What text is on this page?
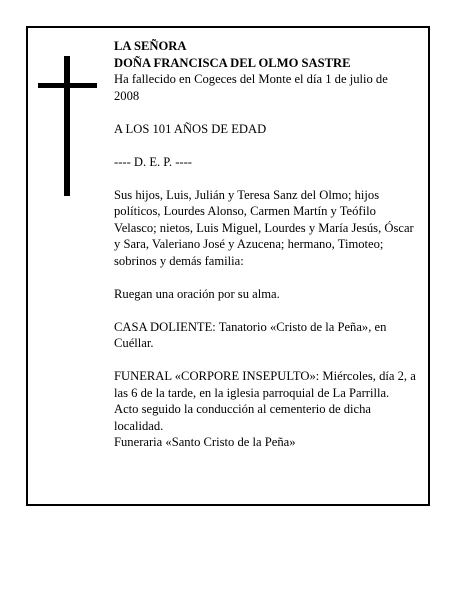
LA SEÑORA

DOÑA FRANCISCA DEL OLMO SASTRE

Ha fallecido en Cogeces del Monte el día 1 de julio de 2008

A LOS 101 AÑOS DE EDAD

---- D. E. P. ----

Sus hijos, Luis, Julián y Teresa Sanz del Olmo; hijos políticos, Lourdes Alonso, Carmen Martín y Teófilo Velasco; nietos, Luis Miguel, Lourdes y María Jesús, Óscar y Sara, Valeriano José y Azucena; hermano, Timoteo; sobrinos y demás familia:

Ruegan una oración por su alma.

CASA DOLIENTE: Tanatorio «Cristo de la Peña», en Cuéllar.

FUNERAL «CORPORE INSEPULTO»: Miércoles, día 2, a las 6 de la tarde, en la iglesia parroquial de La Parrilla. Acto seguido la conducción al cementerio de dicha localidad.

Funeraria «Santo Cristo de la Peña»
